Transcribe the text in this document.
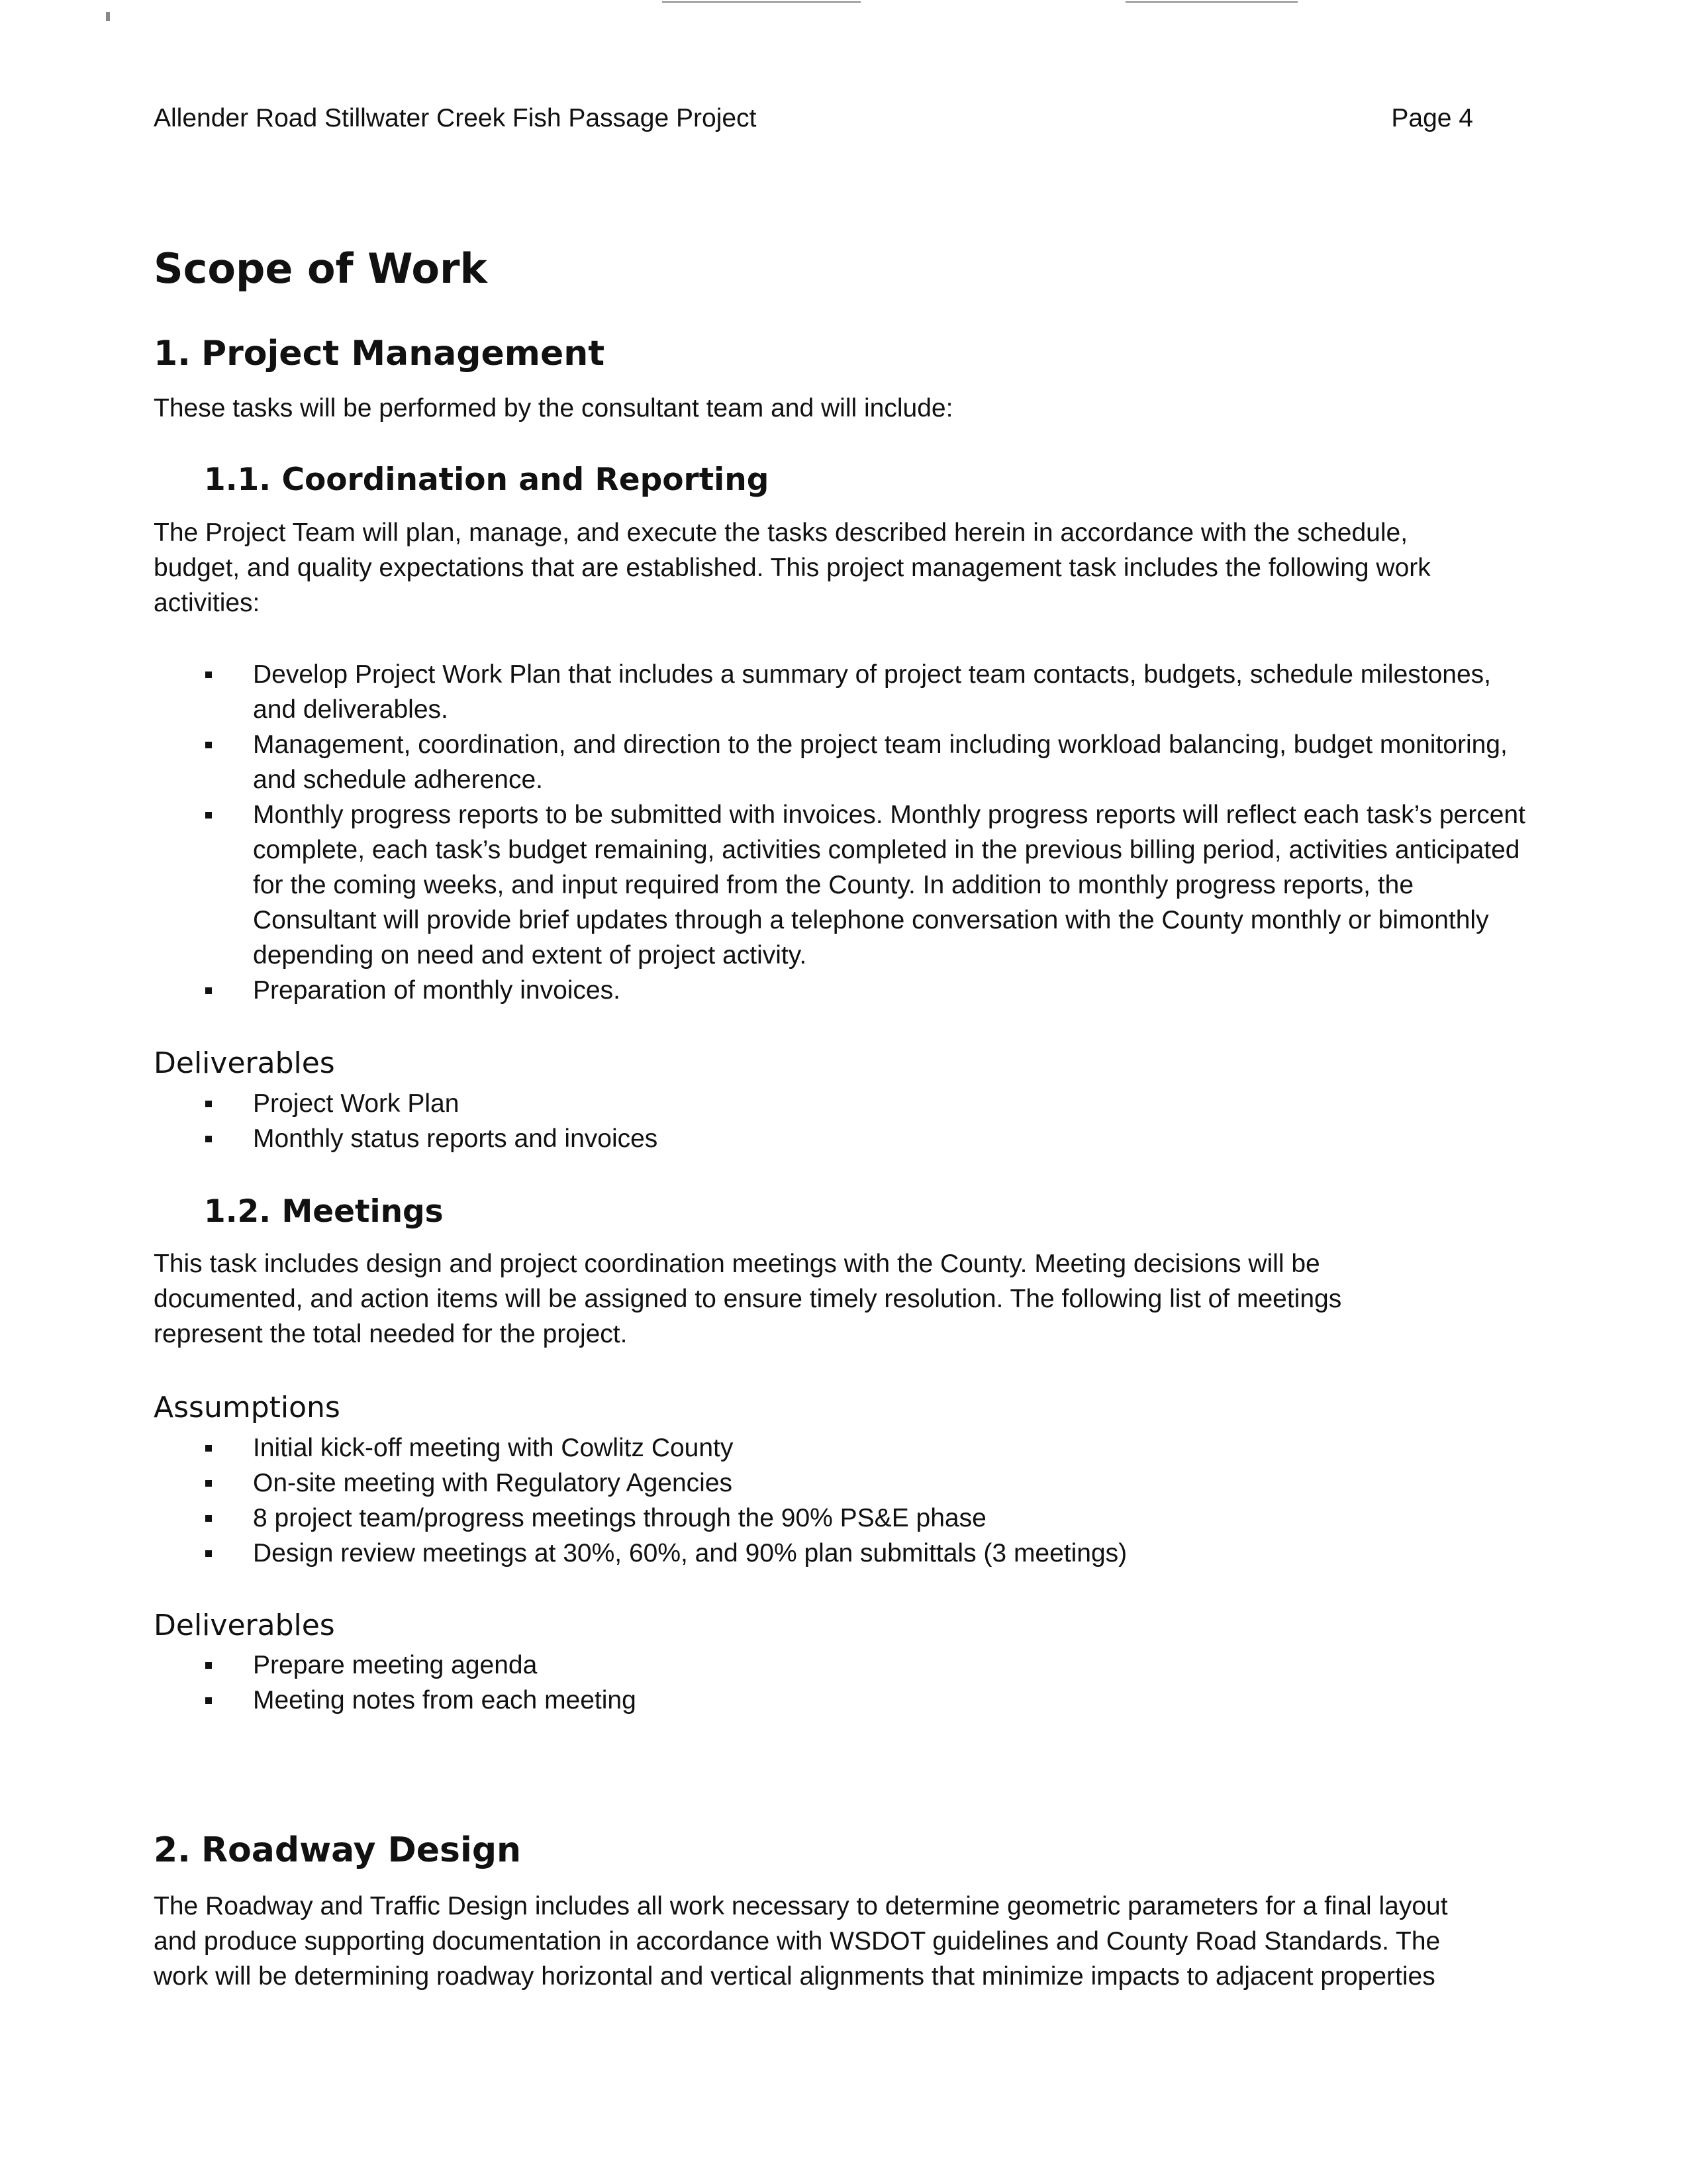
Allender Road Stillwater Creek Fish Passage Project	Page 4
Scope of Work
1. Project Management

These tasks will be performed by the consultant team and will include:

1.1. Coordination and Reporting

The Project Team will plan, manage, and execute the tasks described herein in accordance with the schedule,
budget, and quality expectations that are established. This project management task includes the following work
activities:

Develop Project Work Plan that includes a summary of project team contacts, budgets, schedule milestones, and deliverables.
Management, coordination, and direction to the project team including workload balancing, budget monitoring, and schedule adherence.
Monthly progress reports to be submitted with invoices. Monthly progress reports will reflect each task’s percent complete, each task’s budget remaining, activities completed in the previous billing period, activities anticipated for the coming weeks, and input required from the County. In addition to monthly progress reports, the Consultant will provide brief updates through a telephone conversation with the County monthly or bimonthly depending on need and extent of project activity.
Preparation of monthly invoices.
Deliverables
Project Work Plan
Monthly status reports and invoices
1.2. Meetings

This task includes design and project coordination meetings with the County. Meeting decisions will be
documented, and action items will be assigned to ensure timely resolution. The following list of meetings
represent the total needed for the project.

Assumptions
Initial kick-off meeting with Cowlitz County
On-site meeting with Regulatory Agencies
8 project team/progress meetings through the 90% PS&E phase
Design review meetings at 30%, 60%, and 90% plan submittals (3 meetings)
Deliverables
Prepare meeting agenda
Meeting notes from each meeting
2. Roadway Design

The Roadway and Traffic Design includes all work necessary to determine geometric parameters for a final layout
and produce supporting documentation in accordance with WSDOT guidelines and County Road Standards. The
work will be determining roadway horizontal and vertical alignments that minimize impacts to adjacent properties
